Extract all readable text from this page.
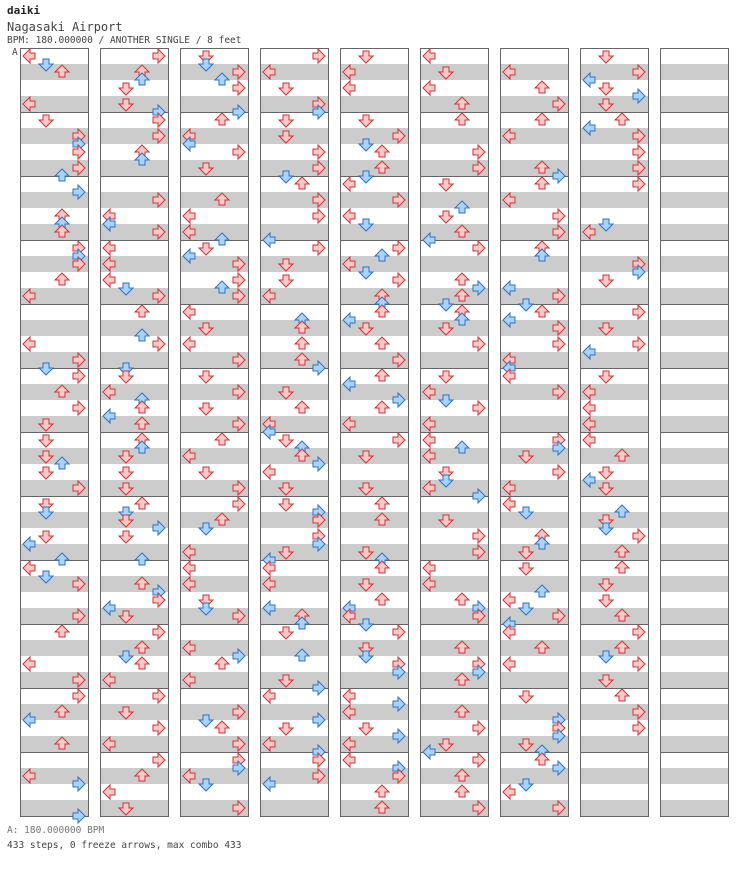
daiki
Nagasaki Airport
BPM: 180.000000 / ANOTHER SINGLE / 8 feet
A
A: 180.000000 BPM
433 steps, 0 freeze arrows, max combo 433
